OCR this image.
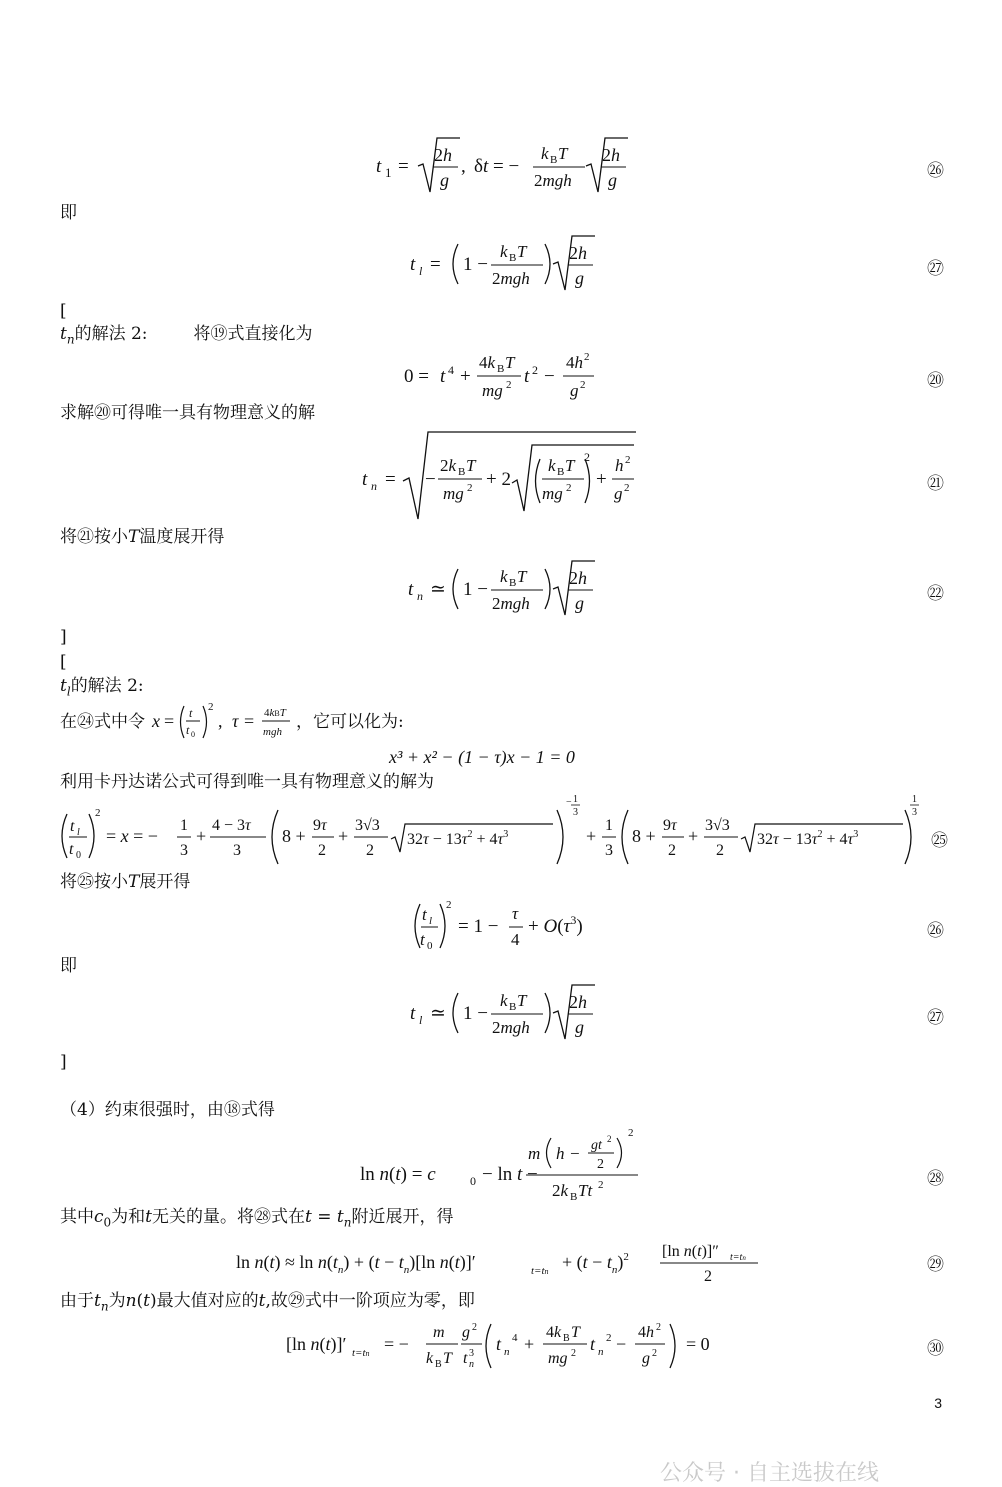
t 1 =
2h
g
, δt = −
k B T
2mgh
2h
g	㉖
即
t l = 1 −
k B T
2mgh
2h
g	㉗
[
$t_n$的解法 2:	将⑲式直接化为
0 = t 4 +
4k B T
mg 2 t 2 −
4h 2
g 2	⑳
求解⑳可得唯一具有物理意义的解
t n = −
2k B T
mg 2 + 2
k B T
mg 2
2
+
h 2
g 2	㉑
将㉑按小T温度展开得
t n ≃ 1 −
k B T
2mgh
2h
g	㉒
]
[
$t_l$的解法 2:
在㉔式中令 x = t
t 0
2
, τ = 4kBT
mgh ，它可以化为:
x³ + x² − (1 − τ)x − 1 = 0
利用卡丹达诺公式可得到唯一具有物理意义的解为
t l
t 0
2
= x = −
1
3
+
4 − 3τ
3
8 +
9τ
2
+
3√3
2
$32\tau - 13\tau^2 + 4\tau^3$
− 1
3
+
1
3
8 +
9τ
2
+
3√3
2
$32\tau - 13\tau^2 + 4\tau^3$
1
3
㉕
将㉕按小T展开得
t l
t 0
2
= 1 −
τ
4
+ $O(\tau^3)$	㉖
即
t l ≃ 1 −
k B T
2mgh
2h
g	㉗
]
（4）约束很强时，由⑱式得
ln n(t) = c	0 − ln t −
m h − gt 2
2
2
2k B Tt 2	㉘
其中$c_0$为和t无关的量。将㉘式在$t = t_n$附近展开，得
$\ln n(t) \approx \ln n(t_n) + (t - t_n)[\ln$ n(t)]′	$t=tn + (t - t_n)^2$ [ln n(t)]″ t=tn
2
㉙
由于$t_n$为n(t)最大值对应的t,故㉙式中一阶项应为零，即
[ln n(t)]′ t=tn = −
m
k B T
g 2
t n
3 t n
4 +
4k B T
mg 2 t n
2 −
4h 2
g 2 = 0	㉚
3
公众号 · 自主选拔在线
